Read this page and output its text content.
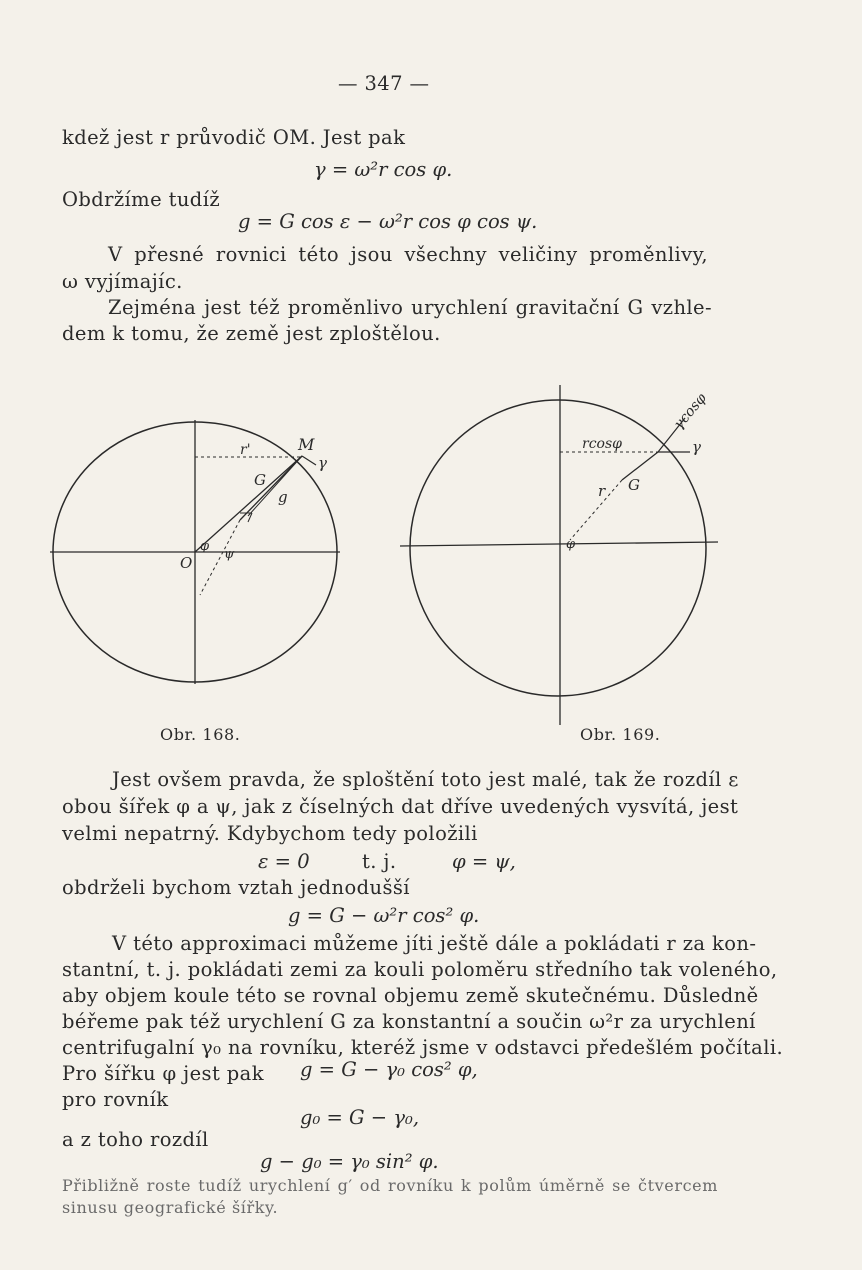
— 347 —
kdež jest r průvodič OM. Jest pak
γ = ω²r cos φ.
Obdržíme tudíž
g = G cos ε − ω²r cos φ cos ψ.
V přesné rovnici této jsou všechny veličiny proměnlivy,
ω vyjímajíc.
Zejména jest též proměnlivo urychlení gravitační G vzhle-
dem k tomu, že země jest zploštělou.
r'	M
γ
G
g
O
φ
ψ
Obr. 168.
rcosφ
γcosφ
γ
r G
φ
Obr. 169.
Jest ovšem pravda, že sploštění toto jest malé, tak že rozdíl ε
obou šířek φ a ψ, jak z číselných dat dříve uvedených vysvítá, jest
velmi nepatrný. Kdybychom tedy položili
ε = 0	t. j.	φ = ψ,
obdrželi bychom vztah jednodušší
g = G − ω²r cos² φ.
V této approximaci můžeme jíti ještě dále a pokládati r za kon-
stantní, t. j. pokládati zemi za kouli poloměru středního tak voleného,
aby objem koule této se rovnal objemu země skutečnému. Důsledně
béřeme pak též urychlení G za konstantní a součin ω²r za urychlení
centrifugalní γ₀ na rovníku, kteréž jsme v odstavci předešlém počítali.
Pro šířku φ jest pak g = G − γ₀ cos² φ,
pro rovník
g₀ = G − γ₀,
a z toho rozdíl
g − g₀ = γ₀ sin² φ.
Přibližně roste tudíž urychlení g′ od rovníku k polům úměrně se čtvercem
sinusu geografické šířky.
